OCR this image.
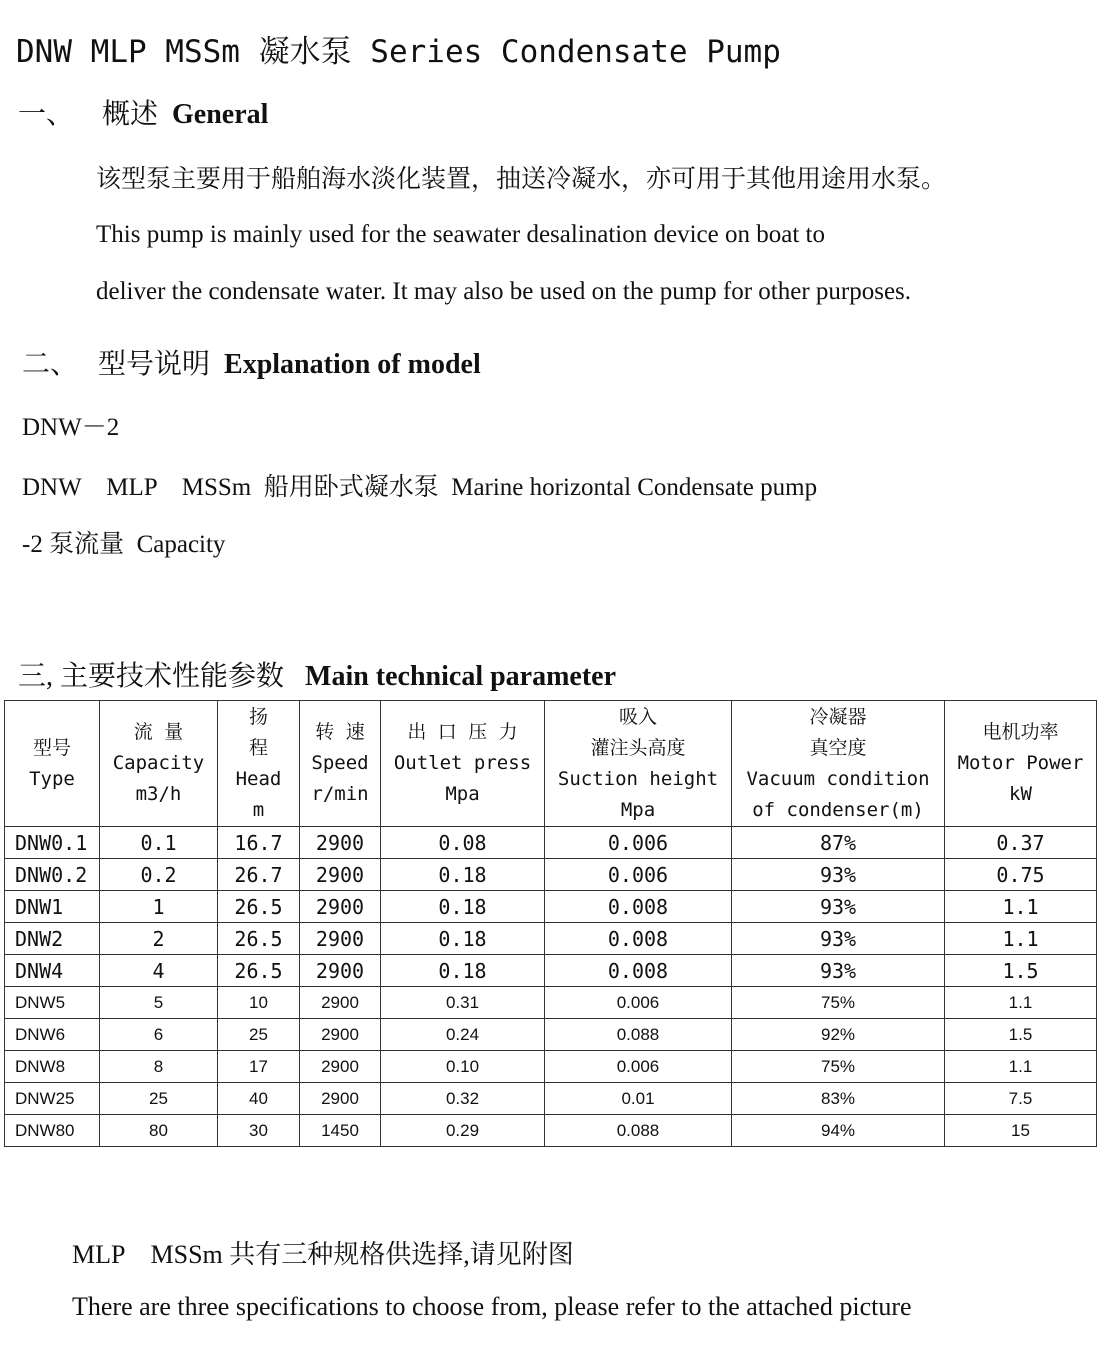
DNW MLP MSSm 凝水泵 Series Condensate Pump
一、 概述 General
该型泵主要用于船舶海水淡化装置，抽送冷凝水，亦可用于其他用途用水泵。
This pump is mainly used for the seawater desalination device on boat to
deliver the condensate water. It may also be used on the pump for other purposes.
二、 型号说明 Explanation of model
DNW－2
DNW    MLP    MSSm  船用卧式凝水泵  Marine horizontal Condensate pump
-2 泵流量  Capacity
三, 主要技术性能参数 Main technical parameter
型号
Type	流 量
Capacity
m3/h	扬
程
Head
m	转 速
Speed
r/min	出 口 压 力
Outlet press
Mpa	吸入
灌注头高度
Suction height
Mpa	冷凝器
真空度
Vacuum condition
of condenser(m)	电机功率
Motor Power
kW

DNW0.1	0.1	16.7	2900	0.08	0.006	87%	0.37
DNW0.2	0.2	26.7	2900	0.18	0.006	93%	0.75
DNW1	1	26.5	2900	0.18	0.008	93%	1.1
DNW2	2	26.5	2900	0.18	0.008	93%	1.1
DNW4	4	26.5	2900	0.18	0.008	93%	1.5
DNW5	5	10	2900	0.31	0.006	75%	1.1
DNW6	6	25	2900	0.24	0.088	92%	1.5
DNW8	8	17	2900	0.10	0.006	75%	1.1
DNW25	25	40	2900	0.32	0.01	83%	7.5
DNW80	80	30	1450	0.29	0.088	94%	15
MLP    MSSm 共有三种规格供选择,请见附图
There are three specifications to choose from, please refer to the attached picture
